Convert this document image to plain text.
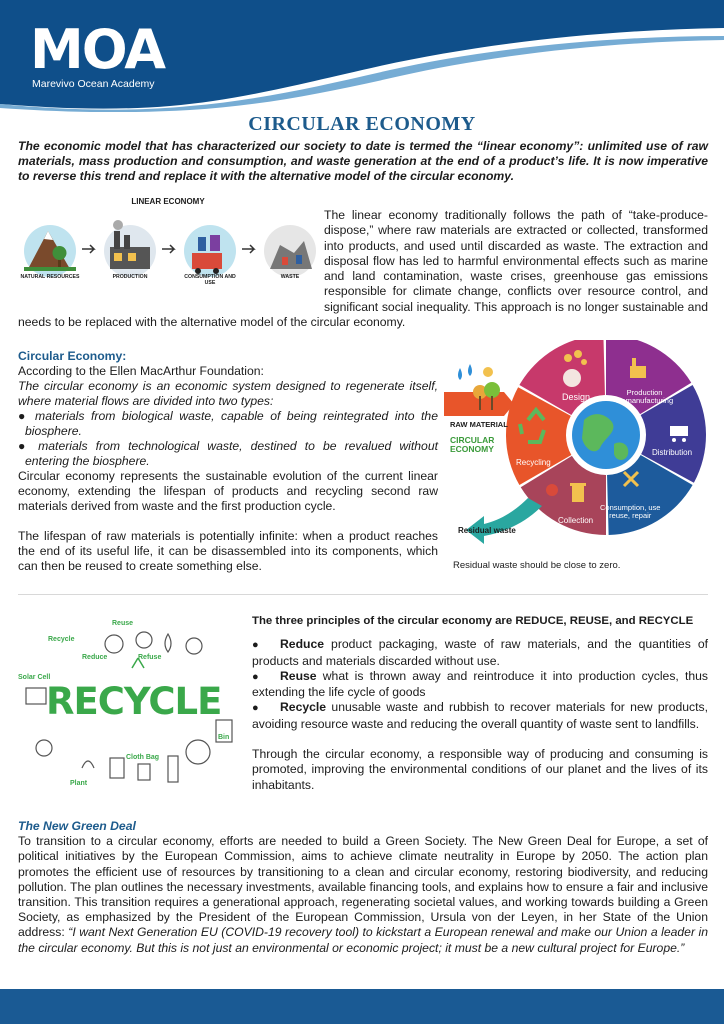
MOA
Marevivo Ocean Academy
CIRCULAR ECONOMY
The economic model that has characterized our society to date is termed the “linear economy”: unlimited use of raw materials, mass production and consumption, and waste generation at the end of a product’s life. It is now imperative to reverse this trend and replace it with the alternative model of the circular economy.
LINEAR ECONOMY
NATURAL RESOURCES	PRODUCTION	CONSUMPTION AND USE
WASTE
The linear economy traditionally follows the path of “take-produce-dispose,” where raw materials are extracted or collected, transformed into products, and used until discarded as waste. The extraction and disposal flow has led to harmful environmental effects such as marine and land contamination, waste crises, greenhouse gas emissions responsible for climate change, conflicts over resource control, and significant social inequality. This approach is no longer sustainable and needs to be replaced with the alternative model of the circular economy.
Circular Economy:
According to the Ellen MacArthur Foundation:
The circular economy is an economic system designed to regenerate itself, where material flows are divided into two types:
● materials from biological waste, capable of being reintegrated into the biosphere.
● materials from technological waste, destined to be revalued without entering the biosphere.
Circular economy represents the sustainable evolution of the current linear economy, extending the lifespan of products and recycling second raw materials derived from waste and the first production cycle.
The lifespan of raw materials is potentially infinite: when a product reaches the end of its useful life, it can be disassembled into its components, which can then be reused to create something else.
RAW MATERIAL
CIRCULAR
ECONOMY
Design	Production
Remanufacturing
Distribution
Consumption, use
reuse, repair
Collection
Recycling
Residual waste
Residual waste should be close to zero.
RECYCLE
Reuse
Recycle
Reduce	Refuse
Solar Cell
Bin
Cloth Bag
Plant
The three principles of the circular economy are REDUCE, REUSE, and RECYCLE
● Reduce product packaging, waste of raw materials, and the quantities of products and materials discarded without use.
● Reuse what is thrown away and reintroduce it into production cycles, thus extending the life cycle of goods
● Recycle unusable waste and rubbish to recover materials for new products, avoiding resource waste and reducing the overall quantity of waste sent to landfills.
Through the circular economy, a responsible way of producing and consuming is promoted, improving the environmental conditions of our planet and the lives of its inhabitants.
The New Green Deal
To transition to a circular economy, efforts are needed to build a Green Society. The New Green Deal for Europe, a set of political initiatives by the European Commission, aims to achieve climate neutrality in Europe by 2050. The action plan promotes the efficient use of resources by transitioning to a clean and circular economy, restoring biodiversity, and reducing pollution. The plan outlines the necessary investments, available financing tools, and explains how to ensure a fair and inclusive transition. This transition requires a generational approach, regenerating societal values, and working towards building a Green Society, as emphasized by the President of the European Commission, Ursula von der Leyen, in her State of the Union address: “I want Next Generation EU (COVID-19 recovery tool) to kickstart a European renewal and make our Union a leader in the circular economy. But this is not just an environmental or economic project; it must be a new cultural project for Europe.”
